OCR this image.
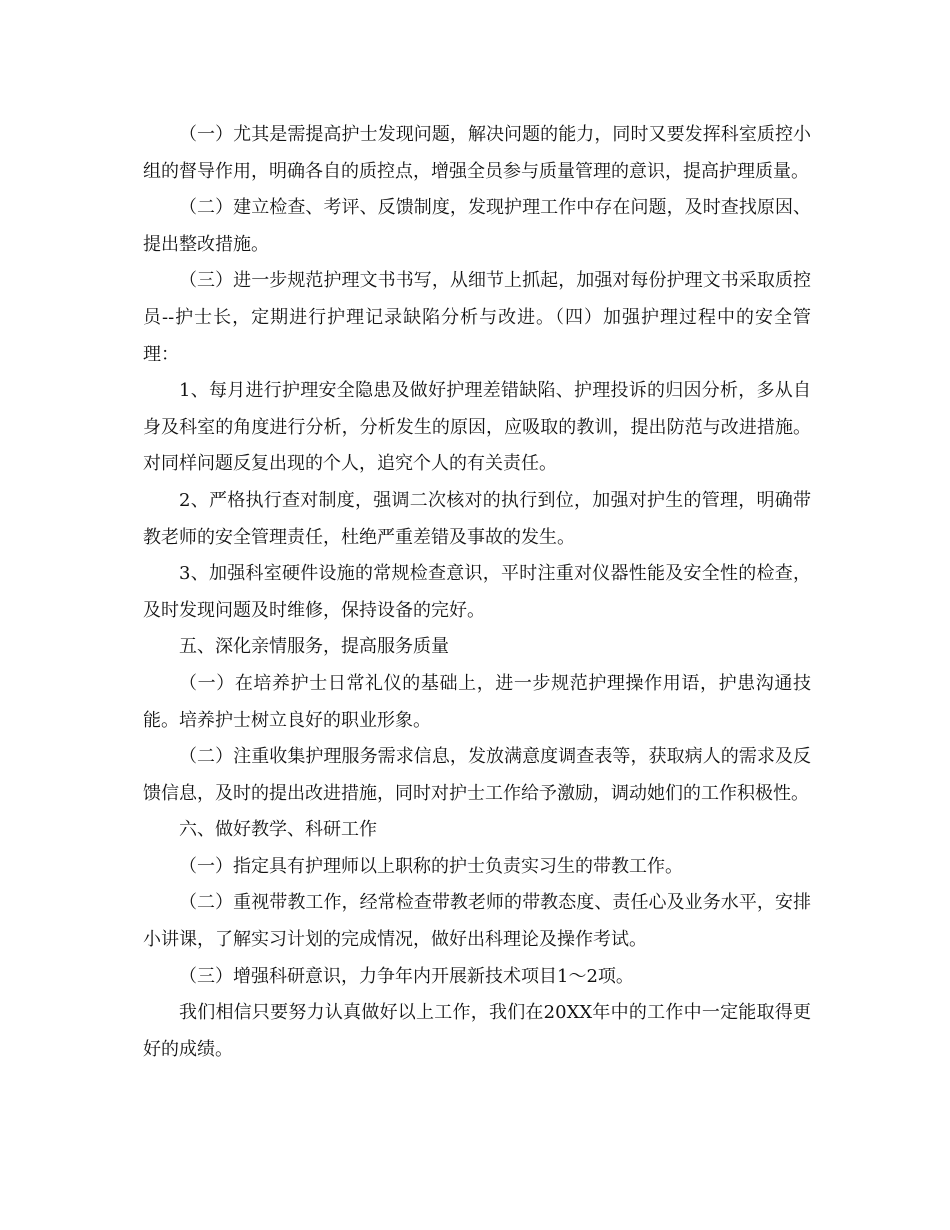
（一）尤其是需提高护士发现问题，解决问题的能力，同时又要发挥科室质控小组的督导作用，明确各自的质控点，增强全员参与质量管理的意识，提高护理质量。

（二）建立检查、考评、反馈制度，发现护理工作中存在问题，及时查找原因、提出整改措施。

（三）进一步规范护理文书书写，从细节上抓起，加强对每份护理文书采取质控员--护士长，定期进行护理记录缺陷分析与改进。（四）加强护理过程中的安全管理：

1、每月进行护理安全隐患及做好护理差错缺陷、护理投诉的归因分析，多从自身及科室的角度进行分析，分析发生的原因，应吸取的教训，提出防范与改进措施。对同样问题反复出现的个人，追究个人的有关责任。

2、严格执行查对制度，强调二次核对的执行到位，加强对护生的管理，明确带教老师的安全管理责任，杜绝严重差错及事故的发生。

3、加强科室硬件设施的常规检查意识，平时注重对仪器性能及安全性的检查，及时发现问题及时维修，保持设备的完好。

五、深化亲情服务，提高服务质量

（一）在培养护士日常礼仪的基础上，进一步规范护理操作用语，护患沟通技能。培养护士树立良好的职业形象。

（二）注重收集护理服务需求信息，发放满意度调查表等，获取病人的需求及反馈信息，及时的提出改进措施，同时对护士工作给予激励，调动她们的工作积极性。

六、做好教学、科研工作

（一）指定具有护理师以上职称的护士负责实习生的带教工作。

（二）重视带教工作，经常检查带教老师的带教态度、责任心及业务水平，安排小讲课，了解实习计划的完成情况，做好出科理论及操作考试。

（三）增强科研意识，力争年内开展新技术项目1～2项。

我们相信只要努力认真做好以上工作，我们在20XX年中的工作中一定能取得更好的成绩。
